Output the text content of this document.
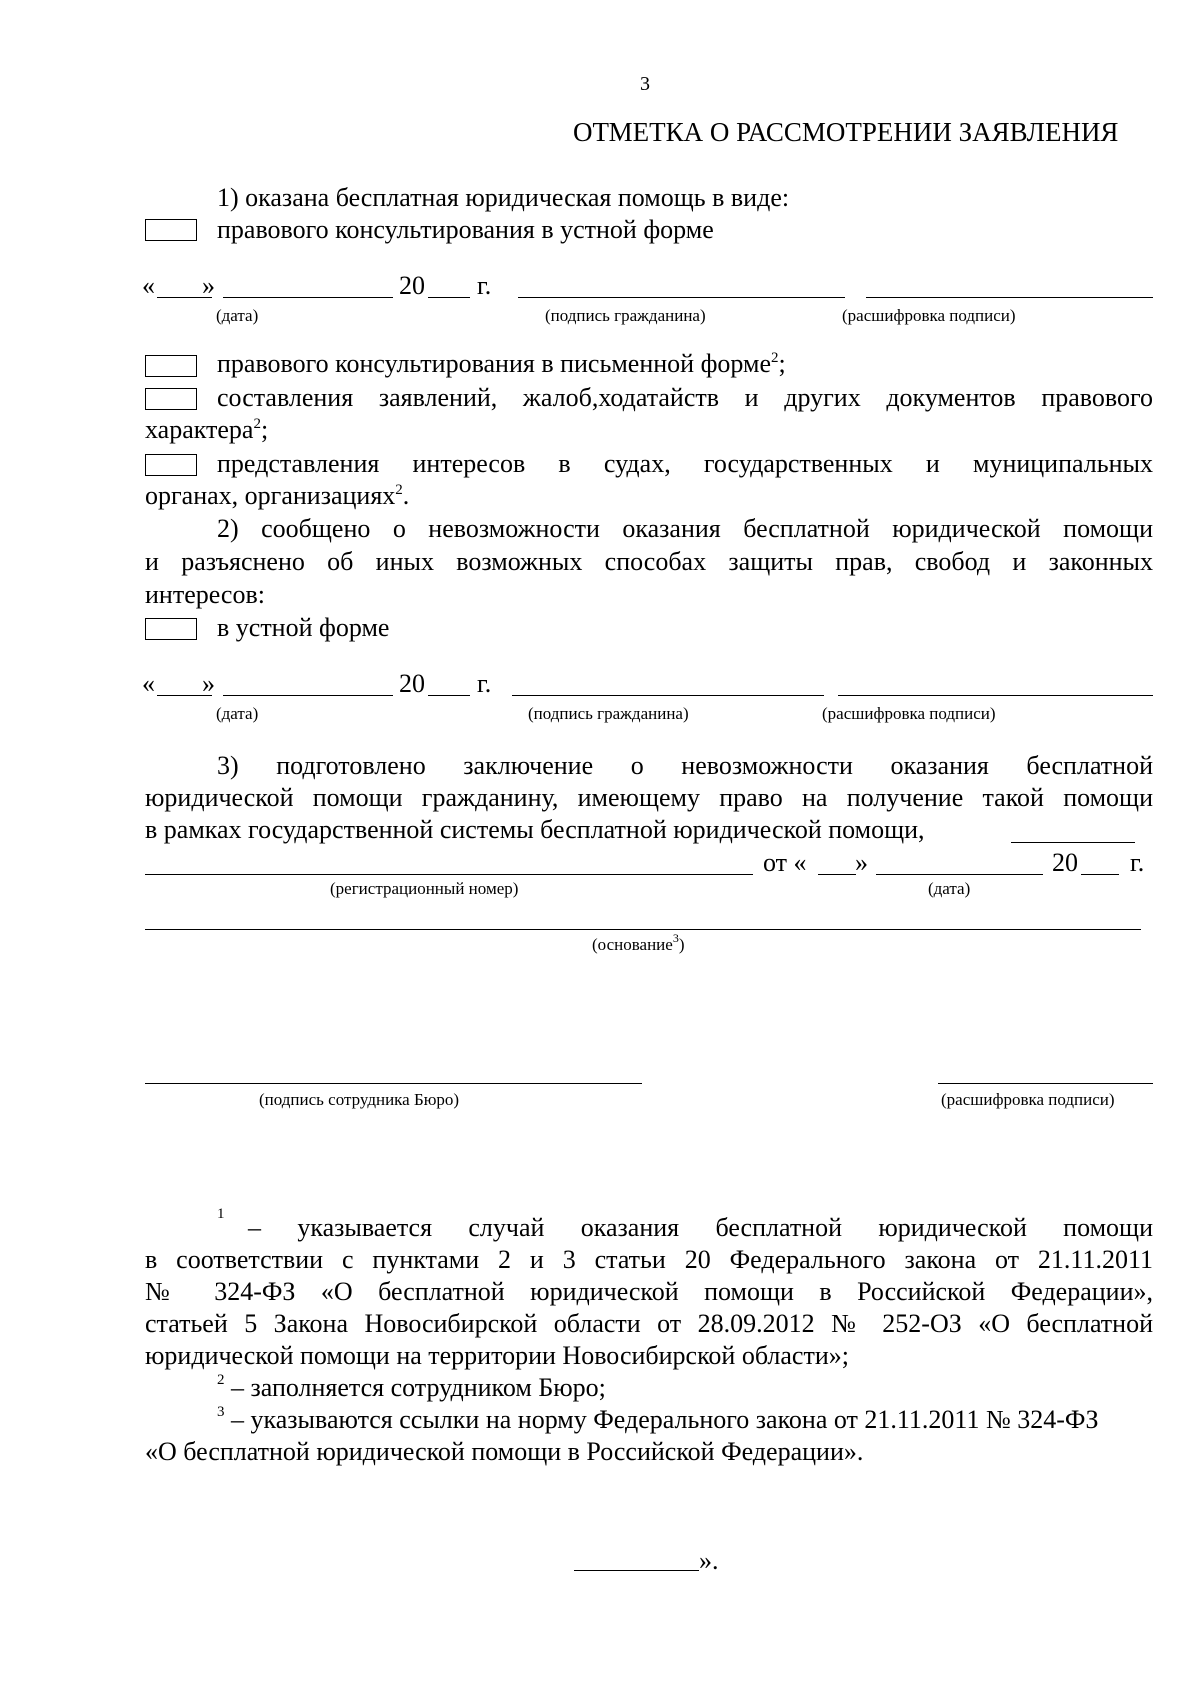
3
ОТМЕТКА О РАССМОТРЕНИИ ЗАЯВЛЕНИЯ
1) оказана бесплатная юридическая помощь в виде:
правового консультирования в устной форме
« »	20 г.
(дата)	(подпись гражданина)	(расшифровка подписи)
правового консультирования в письменной форме$^2$;
составления заявлений, жалоб,ходатайств и других документов правового
характера$^2$;
представления интересов в судах, государственных и муниципальных
органах, организациях$^2$.
2) сообщено о невозможности оказания бесплатной юридической помощи
и разъяснено об иных возможных способах защиты прав, свобод и законных
интересов:
в устной форме
« »	20 г.
(дата)	(подпись гражданина)	(расшифровка подписи)
3) подготовлено заключение о невозможности оказания бесплатной
юридической помощи гражданину, имеющему право на получение такой помощи
в рамках государственной системы бесплатной юридической помощи,
от « »	20 г.
(регистрационный номер)	(дата)
(основание$^3$)
(подпись сотрудника Бюро)	(расшифровка подписи)
1 – указывается случай оказания бесплатной юридической помощи
в соответствии с пунктами 2 и 3 статьи 20 Федерального закона от 21.11.2011
№ 324-ФЗ «О бесплатной юридической помощи в Российской Федерации»,
статьей 5 Закона Новосибирской области от 28.09.2012 № 252-ОЗ «О бесплатной
юридической помощи на территории Новосибирской области»;
$^2$ – заполняется сотрудником Бюро;
$^3$ – указываются ссылки на норму Федерального закона от 21.11.2011 № 324-ФЗ
«О бесплатной юридической помощи в Российской Федерации».
».
